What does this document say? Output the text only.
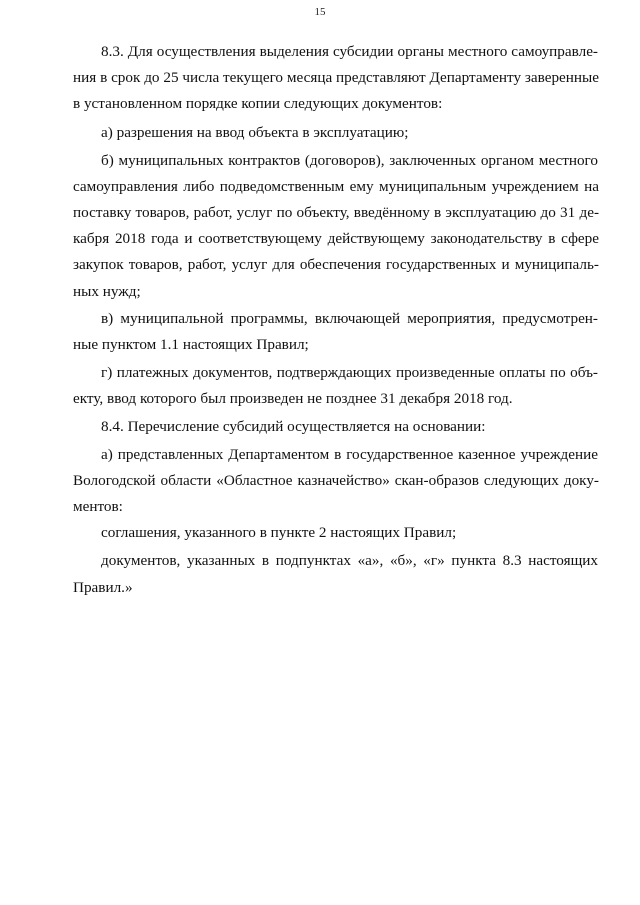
15
8.3. Для осуществления выделения субсидии органы местного самоуправле-
ния в срок до 25 числа текущего месяца представляют Департаменту заверенные
в установленном порядке копии следующих документов:
а) разрешения на ввод объекта в эксплуатацию;
б) муниципальных контрактов (договоров), заключенных органом местного
самоуправления либо подведомственным ему муниципальным учреждением на
поставку товаров, работ, услуг по объекту, введённому в эксплуатацию до 31 де-
кабря 2018 года и соответствующему действующему законодательству в сфере
закупок товаров, работ, услуг для обеспечения государственных и муниципаль-
ных нужд;
в) муниципальной программы, включающей мероприятия, предусмотрен-
ные пунктом 1.1 настоящих Правил;
г) платежных документов, подтверждающих произведенные оплаты по объ-
екту, ввод которого был произведен не позднее 31 декабря 2018 год.
8.4. Перечисление субсидий осуществляется на основании:
а) представленных Департаментом в государственное казенное учреждение
Вологодской области «Областное казначейство» скан-образов следующих доку-
ментов:
соглашения, указанного в пункте 2 настоящих Правил;
документов, указанных в подпунктах «а», «б», «г» пункта 8.3 настоящих
Правил.»
